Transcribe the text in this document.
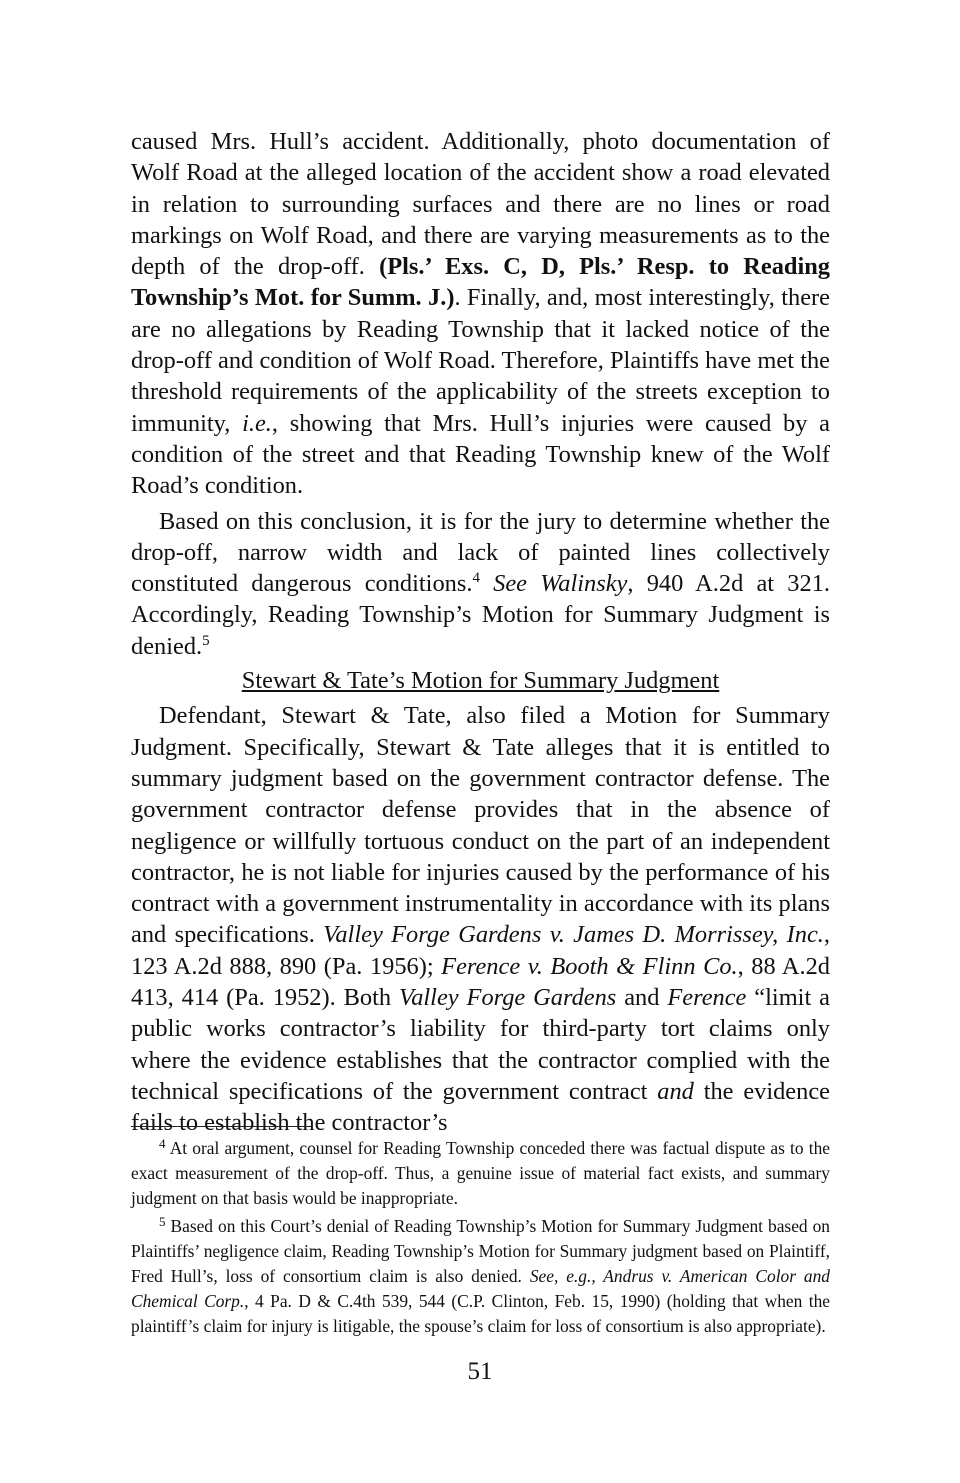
caused Mrs. Hull’s accident. Additionally, photo documentation of Wolf Road at the alleged location of the accident show a road elevated in relation to surrounding surfaces and there are no lines or road markings on Wolf Road, and there are varying measurements as to the depth of the drop-off. (Pls.’ Exs. C, D, Pls.’ Resp. to Reading Township’s Mot. for Summ. J.). Finally, and, most interestingly, there are no allegations by Reading Township that it lacked notice of the drop-off and condition of Wolf Road. Therefore, Plaintiffs have met the threshold requirements of the applicability of the streets exception to immunity, i.e., showing that Mrs. Hull’s injuries were caused by a condition of the street and that Reading Township knew of the Wolf Road’s condition.

Based on this conclusion, it is for the jury to determine whether the drop-off, narrow width and lack of painted lines collectively constituted dangerous conditions.$^4$ See Walinsky, 940 A.2d at 321. Accordingly, Reading Township’s Motion for Summary Judgment is denied.$^5$

Stewart & Tate’s Motion for Summary Judgment

Defendant, Stewart & Tate, also filed a Motion for Summary Judgment. Specifically, Stewart & Tate alleges that it is entitled to summary judgment based on the government contractor defense. The government contractor defense provides that in the absence of negligence or willfully tortuous conduct on the part of an independent contractor, he is not liable for injuries caused by the performance of his contract with a government instrumentality in accordance with its plans and specifications. Valley Forge Gardens v. James D. Morrissey, Inc., 123 A.2d 888, 890 (Pa. 1956); Ference v. Booth & Flinn Co., 88 A.2d 413, 414 (Pa. 1952). Both Valley Forge Gardens and Ference “limit a public works contractor’s liability for third-party tort claims only where the evidence establishes that the contractor complied with the technical specifications of the government contract and the evidence fails to establish the contractor’s

$^4$ At oral argument, counsel for Reading Township conceded there was factual dispute as to the exact measurement of the drop-off. Thus, a genuine issue of material fact exists, and summary judgment on that basis would be inappropriate.

$^5$ Based on this Court’s denial of Reading Township’s Motion for Summary Judgment based on Plaintiffs’ negligence claim, Reading Township’s Motion for Summary judgment based on Plaintiff, Fred Hull’s, loss of consortium claim is also denied. See, e.g., Andrus v. American Color and Chemical Corp., 4 Pa. D & C.4th 539, 544 (C.P. Clinton, Feb. 15, 1990) (holding that when the plaintiff’s claim for injury is litigable, the spouse’s claim for loss of consortium is also appropriate).

51
